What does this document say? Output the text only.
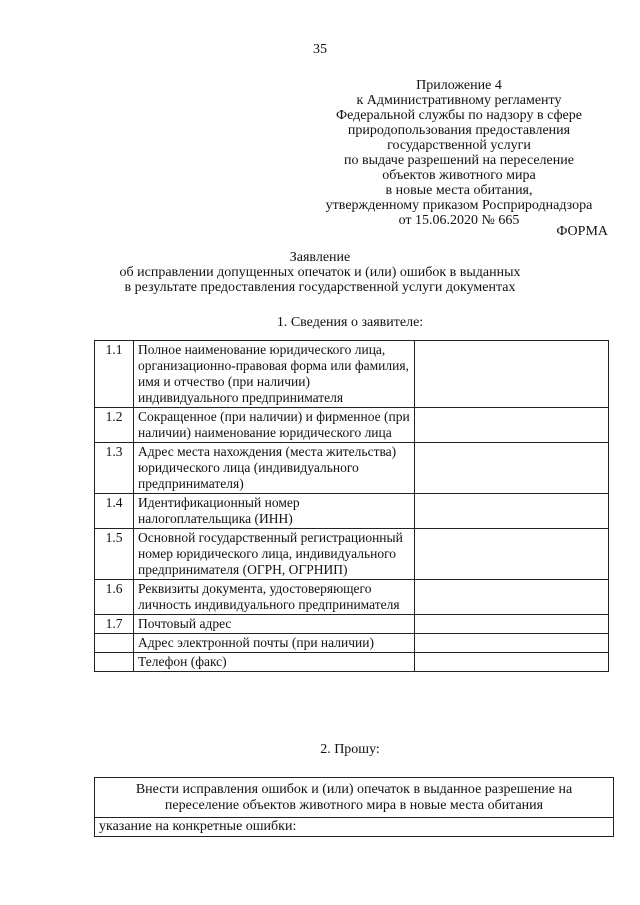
35
Приложение 4
к Административному регламенту
Федеральной службы по надзору в сфере
природопользования предоставления
государственной услуги
по выдаче разрешений на переселение
объектов животного мира
в новые места обитания,
утвержденному приказом Росприроднадзора
от 15.06.2020 № 665
ФОРМА
Заявление
об исправлении допущенных опечаток и (или) ошибок в выданных
в результате предоставления государственной услуги документах
1. Сведения о заявителе:
1.1	Полное наименование юридического лица, организационно-правовая форма или фамилия, имя и отчество (при наличии) индивидуального предпринимателя	
1.2	Сокращенное (при наличии) и фирменное (при наличии) наименование юридического лица	
1.3	Адрес места нахождения (места жительства) юридического лица (индивидуального предпринимателя)	
1.4	Идентификационный номер налогоплательщика (ИНН)	
1.5	Основной государственный регистрационный номер юридического лица, индивидуального предпринимателя (ОГРН, ОГРНИП)	
1.6	Реквизиты документа, удостоверяющего личность индивидуального предпринимателя	
1.7	Почтовый адрес	
	Адрес электронной почты (при наличии)	
	Телефон (факс)	
2. Прошу:
Внести исправления ошибок и (или) опечаток в выданное разрешение на переселение объектов животного мира в новые места обитания
указание на конкретные ошибки:
